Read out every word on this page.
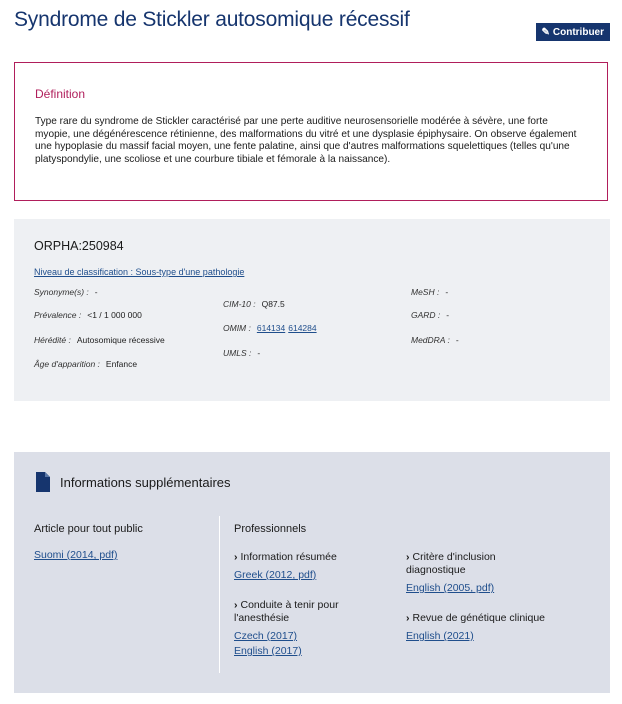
Syndrome de Stickler autosomique récessif
✎ Contribuer
Définition

Type rare du syndrome de Stickler caractérisé par une perte auditive neurosensorielle modérée à sévère, une forte myopie, une dégénérescence rétinienne, des malformations du vitré et une dysplasie épiphysaire. On observe également une hypoplasie du massif facial moyen, une fente palatine, ainsi que d'autres malformations squelettiques (telles qu'une platyspondylie, une scoliose et une courbure tibiale et fémorale à la naissance).

ORPHA:250984
Niveau de classification : Sous-type d'une pathologie
Synonyme(s) : -
Prévalence : <1 / 1 000 000
Hérédité : Autosomique récessive
Âge d'apparition : Enfance
CIM-10 : Q87.5
OMIM : 614134 614284
UMLS : -
MeSH : -
GARD : -
MedDRA : -
Informations supplémentaires
Article pour tout public
Suomi (2014, pdf)
Professionnels
› Information résumée
Greek (2012, pdf)
› Conduite à tenir pour
l'anesthésie
Czech (2017)
English (2017)
› Critère d'inclusion
diagnostique
English (2005, pdf)
› Revue de génétique clinique
English (2021)
